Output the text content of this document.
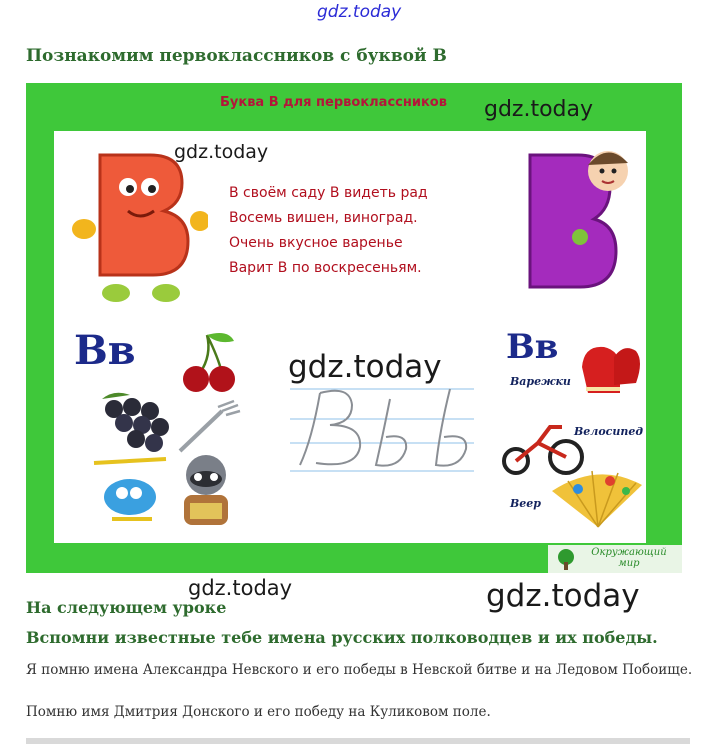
gdz.today
Познакомим первоклассников с буквой В
Буква В для первоклассников gdz.today
gdz.today
В своём саду В видеть рад
Восемь вишен, виноград.
Очень вкусное варенье
Варит В по воскресеньям.
Вв	gdz.today Вв
Варежки
Велосипед
Веер
Окружающий
мир
gdz.today	gdz.today
На следующем уроке
Вспомни известные тебе имена русских полководцев и их победы.

Я помню имена Александра Невского и его победы в Невской битве и на Ледовом Побоище.

Помню имя Дмитрия Донского и его победу на Куликовом поле.
